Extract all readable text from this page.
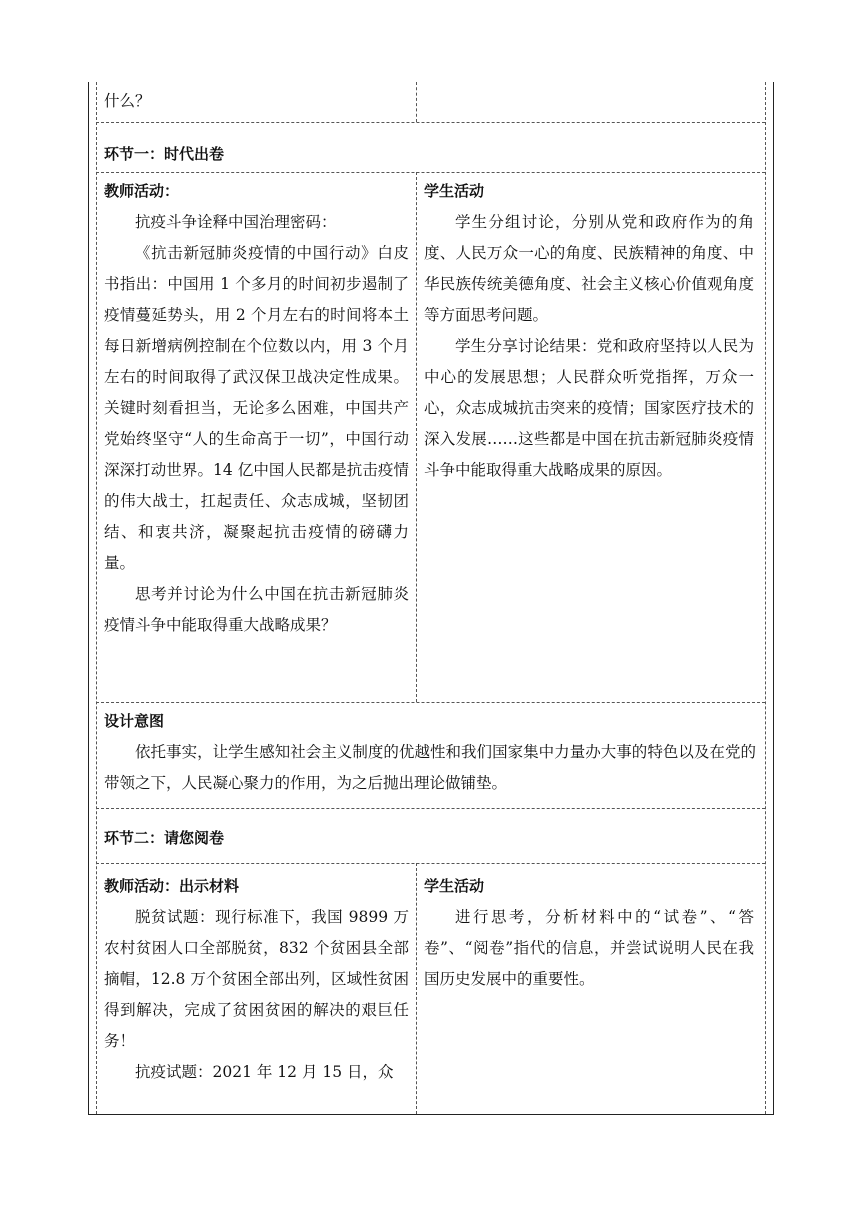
什么？

环节一：时代出卷

教师活动：

抗疫斗争诠释中国治理密码：

《抗击新冠肺炎疫情的中国行动》白皮书指出：中国用 1 个多月的时间初步遏制了疫情蔓延势头，用 2 个月左右的时间将本土每日新增病例控制在个位数以内，用 3 个月左右的时间取得了武汉保卫战决定性成果。关键时刻看担当，无论多么困难，中国共产党始终坚守“人的生命高于一切”，中国行动深深打动世界。14 亿中国人民都是抗击疫情的伟大战士，扛起责任、众志成城，坚韧团结、和衷共济，凝聚起抗击疫情的磅礴力量。

思考并讨论为什么中国在抗击新冠肺炎疫情斗争中能取得重大战略成果？

学生活动

学生分组讨论，分别从党和政府作为的角度、人民万众一心的角度、民族精神的角度、中华民族传统美德角度、社会主义核心价值观角度等方面思考问题。

学生分享讨论结果：党和政府坚持以人民为中心的发展思想；人民群众听党指挥，万众一心，众志成城抗击突来的疫情；国家医疗技术的深入发展……这些都是中国在抗击新冠肺炎疫情斗争中能取得重大战略成果的原因。

设计意图

依托事实，让学生感知社会主义制度的优越性和我们国家集中力量办大事的特色以及在党的带领之下，人民凝心聚力的作用，为之后抛出理论做铺垫。

环节二：请您阅卷

教师活动：出示材料

脱贫试题：现行标准下，我国 9899 万农村贫困人口全部脱贫，832 个贫困县全部摘帽，12.8 万个贫困全部出列，区域性贫困得到解决，完成了贫困贫困的解决的艰巨任务！

抗疫试题：2021 年 12 月 15 日，众

学生活动

进行思考，分析材料中的“试卷”、“答卷”、“阅卷”指代的信息，并尝试说明人民在我国历史发展中的重要性。
